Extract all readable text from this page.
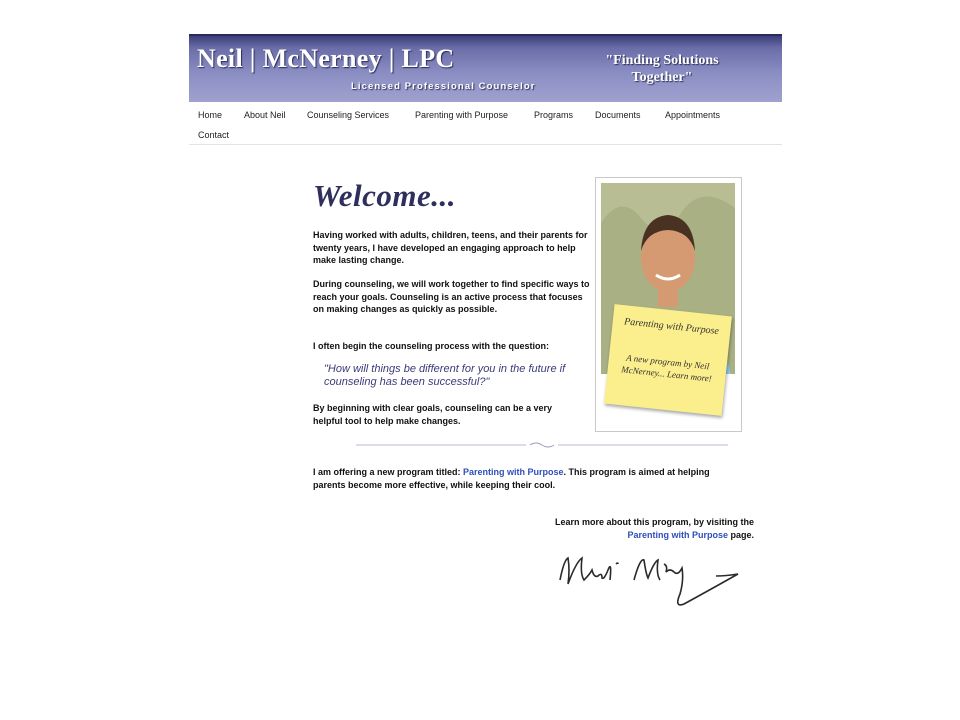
Neil | McNerney | LPC
Licensed Professional Counselor
"Finding Solutions Together"
Home About Neil Counseling Services	Parenting with Purpose	Programs Documents	Appointments
Contact
Welcome...
Having worked with adults, children, teens, and their parents for twenty years, I have developed an engaging approach to help make lasting change.
During counseling, we will work together to find specific ways to reach your goals. Counseling is an active process that focuses on making changes as quickly as possible.
I often begin the counseling process with the question:
"How will things be different for you in the future if counseling has been successful?"
By beginning with clear goals, counseling can be a very helpful tool to help make changes.
Parenting with Purpose
A new program by Neil McNerney... Learn more!
I am offering a new program titled: Parenting with Purpose. This program is aimed at helping parents become more effective, while keeping their cool.
Learn more about this program, by visiting the
Parenting with Purpose page.
